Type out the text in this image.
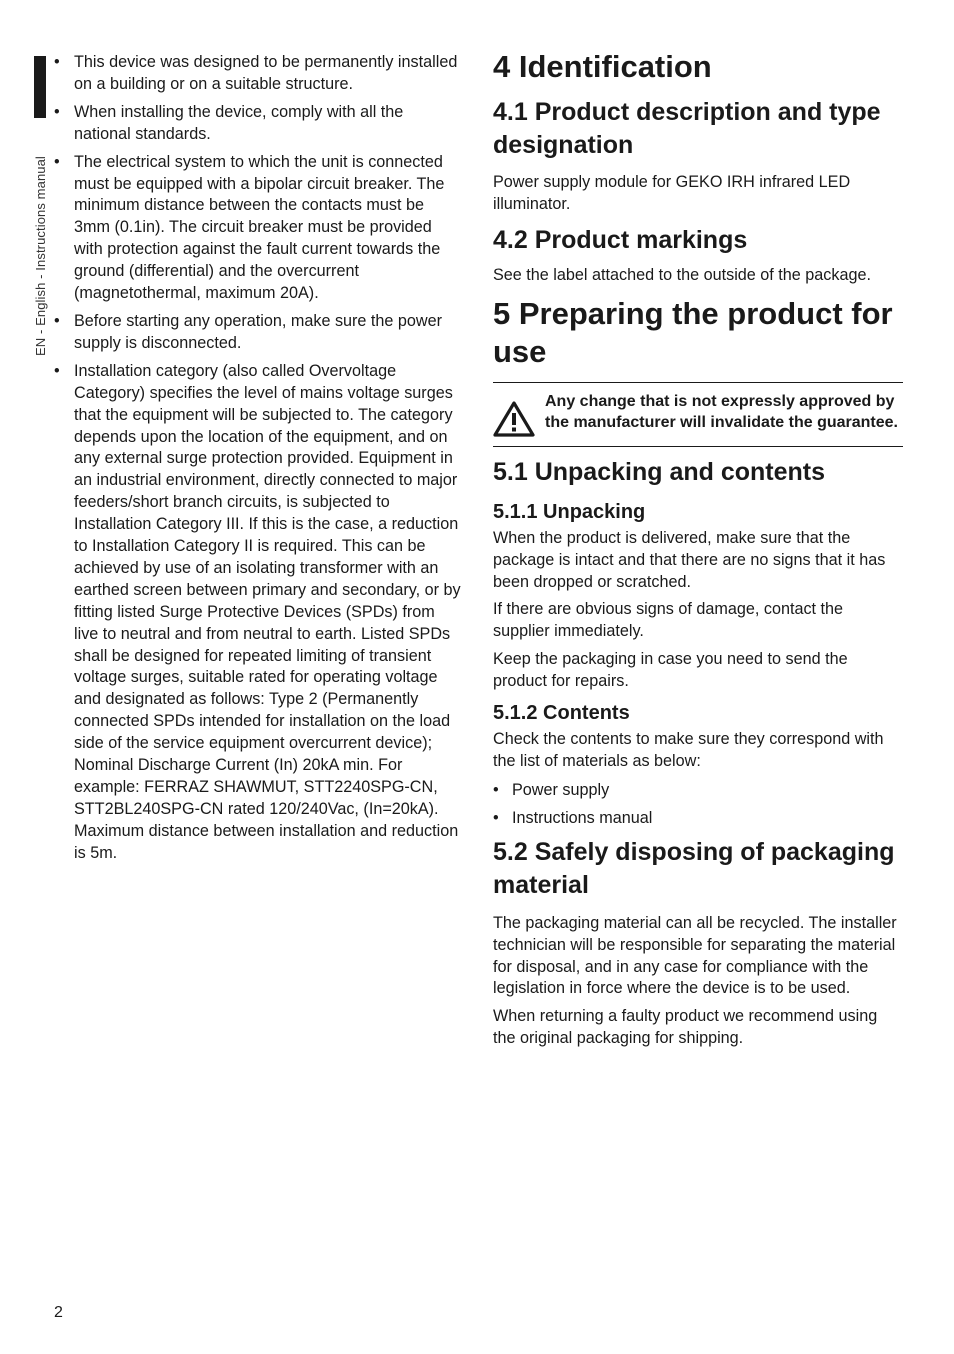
EN - English - Instructions manual
• This device was designed to be permanently installed on a building or on a suitable structure.
• When installing the device, comply with all the national standards.
• The electrical system to which the unit is connected must be equipped with a bipolar circuit breaker. The minimum distance between the contacts must be 3mm (0.1in). The circuit breaker must be provided with protection against the fault current towards the ground (differential) and the overcurrent (magnetothermal, maximum 20A).
• Before starting any operation, make sure the power supply is disconnected.
• Installation category (also called Overvoltage Category) specifies the level of mains voltage surges that the equipment will be subjected to. The category depends upon the location of the equipment, and on any external surge protection provided. Equipment in an industrial environment, directly connected to major feeders/short branch circuits, is subjected to Installation Category III. If this is the case, a reduction to Installation Category II is required. This can be achieved by use of an isolating transformer with an earthed screen between primary and secondary, or by fitting listed Surge Protective Devices (SPDs) from live to neutral and from neutral to earth. Listed SPDs shall be designed for repeated limiting of transient voltage surges, suitable rated for operating voltage and designated as follows: Type 2 (Permanently connected SPDs intended for installation on the load side of the service equipment overcurrent device); Nominal Discharge Current (In) 20kA min. For example: FERRAZ SHAWMUT, STT2240SPG-CN, STT2BL240SPG-CN rated 120/240Vac, (In=20kA). Maximum distance between installation and reduction is 5m.
4 Identification
4.1 Product description and type designation

Power supply module for GEKO IRH infrared LED illuminator.

4.2 Product markings

See the label attached to the outside of the package.

5 Preparing the product for use
Any change that is not expressly approved by the manufacturer will invalidate the guarantee.
5.1 Unpacking and contents
5.1.1 Unpacking

When the product is delivered, make sure that the package is intact and that there are no signs that it has been dropped or scratched.

If there are obvious signs of damage, contact the supplier immediately.

Keep the packaging in case you need to send the product for repairs.

5.1.2 Contents

Check the contents to make sure they correspond with the list of materials as below:

• Power supply
• Instructions manual
5.2 Safely disposing of packaging material

The packaging material can all be recycled. The installer technician will be responsible for separating the material for disposal, and in any case for compliance with the legislation in force where the device is to be used.

When returning a faulty product we recommend using the original packaging for shipping.

2
